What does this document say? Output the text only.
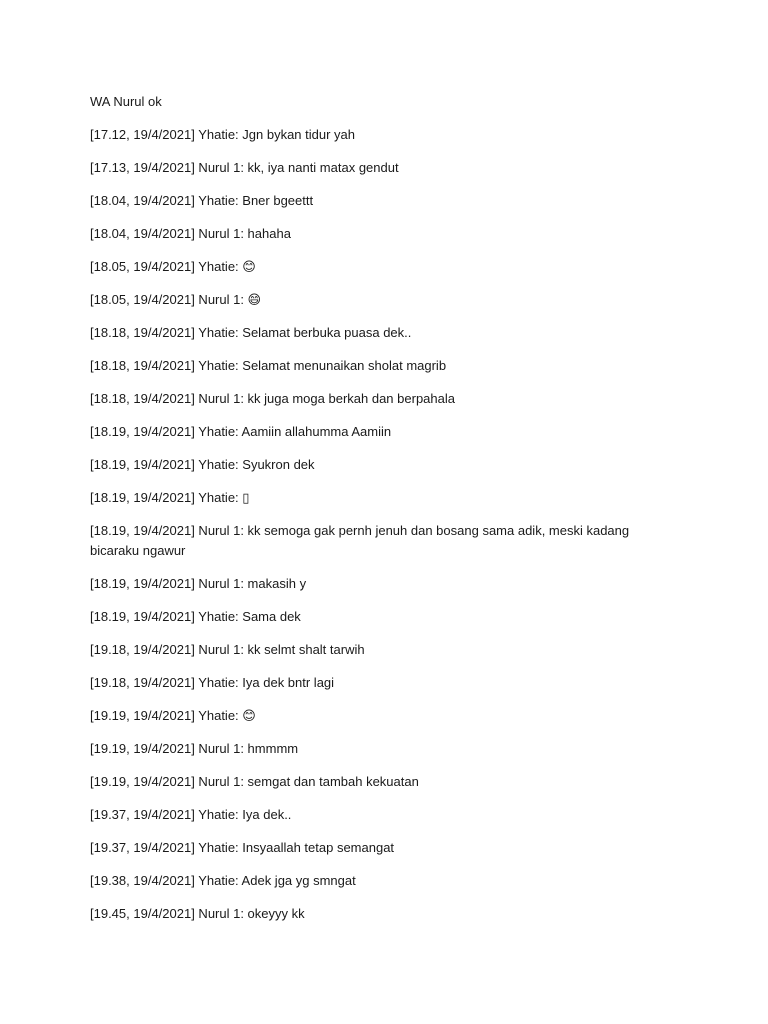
WA Nurul ok
[17.12, 19/4/2021] Yhatie: Jgn bykan tidur yah
[17.13, 19/4/2021] Nurul 1: kk, iya nanti matax gendut
[18.04, 19/4/2021] Yhatie: Bner bgeettt
[18.04, 19/4/2021] Nurul 1: hahaha
[18.05, 19/4/2021] Yhatie: 😊
[18.05, 19/4/2021] Nurul 1: 😄
[18.18, 19/4/2021] Yhatie: Selamat berbuka puasa dek..
[18.18, 19/4/2021] Yhatie: Selamat menunaikan sholat magrib
[18.18, 19/4/2021] Nurul 1: kk juga moga berkah dan berpahala
[18.19, 19/4/2021] Yhatie: Aamiin allahumma Aamiin
[18.19, 19/4/2021] Yhatie: Syukron dek
[18.19, 19/4/2021] Yhatie: ▯
[18.19, 19/4/2021] Nurul 1: kk semoga gak pernh jenuh dan bosang sama adik, meski kadang bicaraku ngawur
[18.19, 19/4/2021] Nurul 1: makasih y
[18.19, 19/4/2021] Yhatie: Sama dek
[19.18, 19/4/2021] Nurul 1: kk selmt shalt tarwih
[19.18, 19/4/2021] Yhatie: Iya dek bntr lagi
[19.19, 19/4/2021] Yhatie: 😊
[19.19, 19/4/2021] Nurul 1: hmmmm
[19.19, 19/4/2021] Nurul 1: semgat dan tambah kekuatan
[19.37, 19/4/2021] Yhatie: Iya dek..
[19.37, 19/4/2021] Yhatie: Insyaallah tetap semangat
[19.38, 19/4/2021] Yhatie: Adek jga yg smngat
[19.45, 19/4/2021] Nurul 1: okeyyy kk
